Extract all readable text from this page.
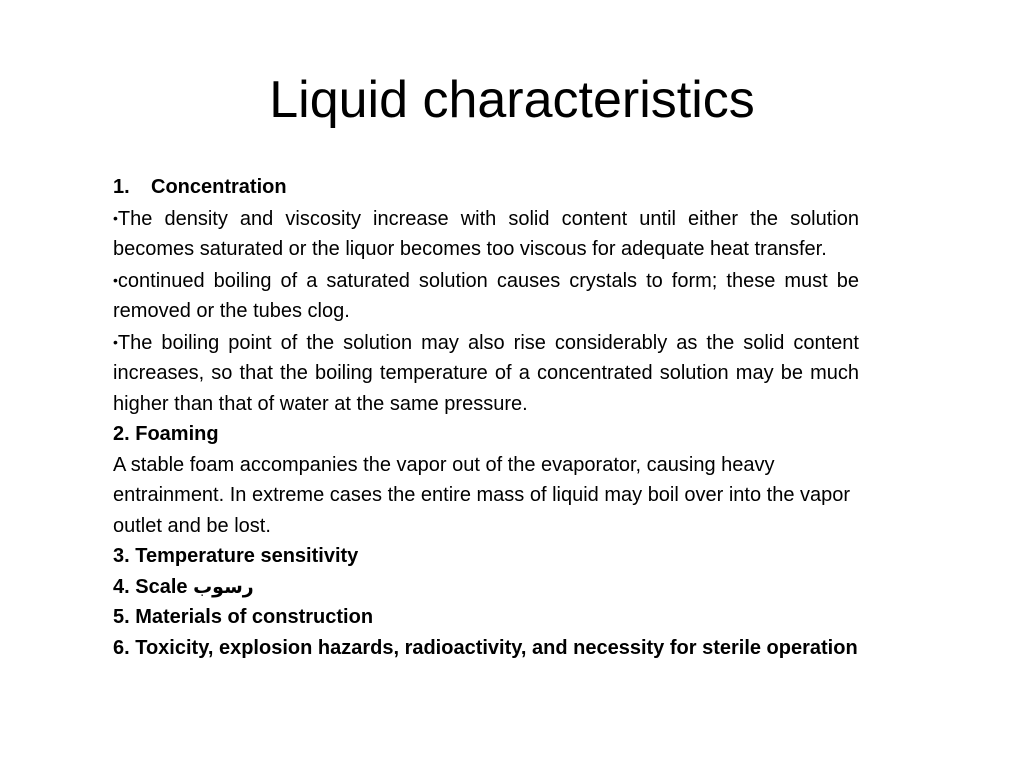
Liquid characteristics

1. Concentration

•The density and viscosity increase with solid content until either the solution becomes saturated or the liquor becomes too viscous for adequate heat transfer.

•continued boiling of a saturated solution causes crystals to form; these must be removed or the tubes clog.

•The boiling point of the solution may also rise considerably as the solid content increases, so that the boiling temperature of a concentrated solution may be much higher than that of water at the same pressure.

2. Foaming

A stable foam accompanies the vapor out of the evaporator, causing heavy entrainment. In extreme cases the entire mass of liquid may boil over into the vapor outlet and be lost.

3. Temperature sensitivity

4. Scale رسوب

5. Materials of construction

6. Toxicity, explosion hazards, radioactivity, and necessity for sterile operation
